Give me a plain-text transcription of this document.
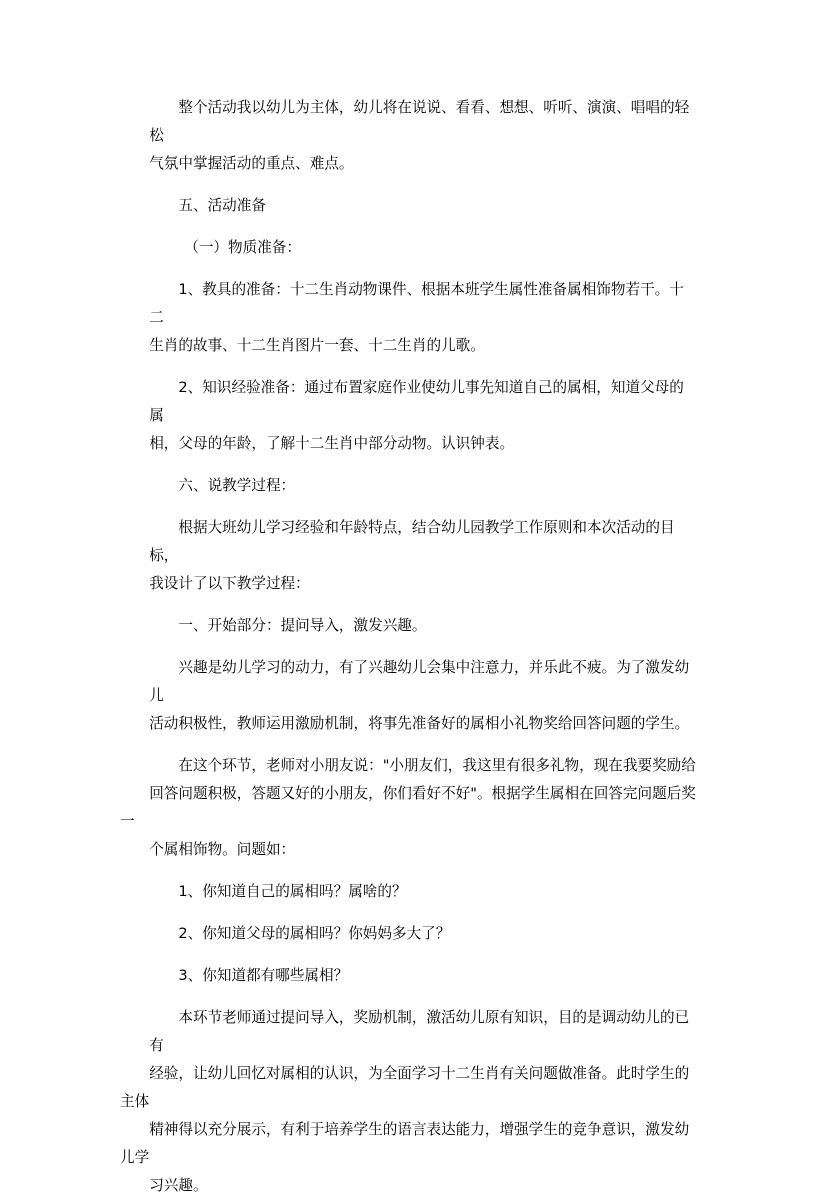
整个活动我以幼儿为主体，幼儿将在说说、看看、想想、听听、演演、唱唱的轻松
气氛中掌握活动的重点、难点。

五、活动准备

（一）物质准备：

1、教具的准备：十二生肖动物课件、根据本班学生属性准备属相饰物若干。十二
生肖的故事、十二生肖图片一套、十二生肖的儿歌。

2、知识经验准备：通过布置家庭作业使幼儿事先知道自己的属相，知道父母的属
相，父母的年龄，了解十二生肖中部分动物。认识钟表。

六、说教学过程：

根据大班幼儿学习经验和年龄特点，结合幼儿园教学工作原则和本次活动的目标，
我设计了以下教学过程：

一、开始部分：提问导入，激发兴趣。

兴趣是幼儿学习的动力，有了兴趣幼儿会集中注意力，并乐此不疲。为了激发幼儿
活动积极性，教师运用激励机制，将事先准备好的属相小礼物奖给回答问题的学生。

在这个环节，老师对小朋友说："小朋友们，我这里有很多礼物，现在我要奖励给
回答问题积极，答题又好的小朋友，你们看好不好"。根据学生属相在回答完问题后奖一
个属相饰物。问题如：

1、你知道自己的属相吗？属啥的？

2、你知道父母的属相吗？你妈妈多大了？

3、你知道都有哪些属相？

本环节老师通过提问导入，奖励机制，激活幼儿原有知识，目的是调动幼儿的已有
经验，让幼儿回忆对属相的认识，为全面学习十二生肖有关问题做准备。此时学生的主体
精神得以充分展示，有利于培养学生的语言表达能力，增强学生的竞争意识，激发幼儿学
习兴趣。
